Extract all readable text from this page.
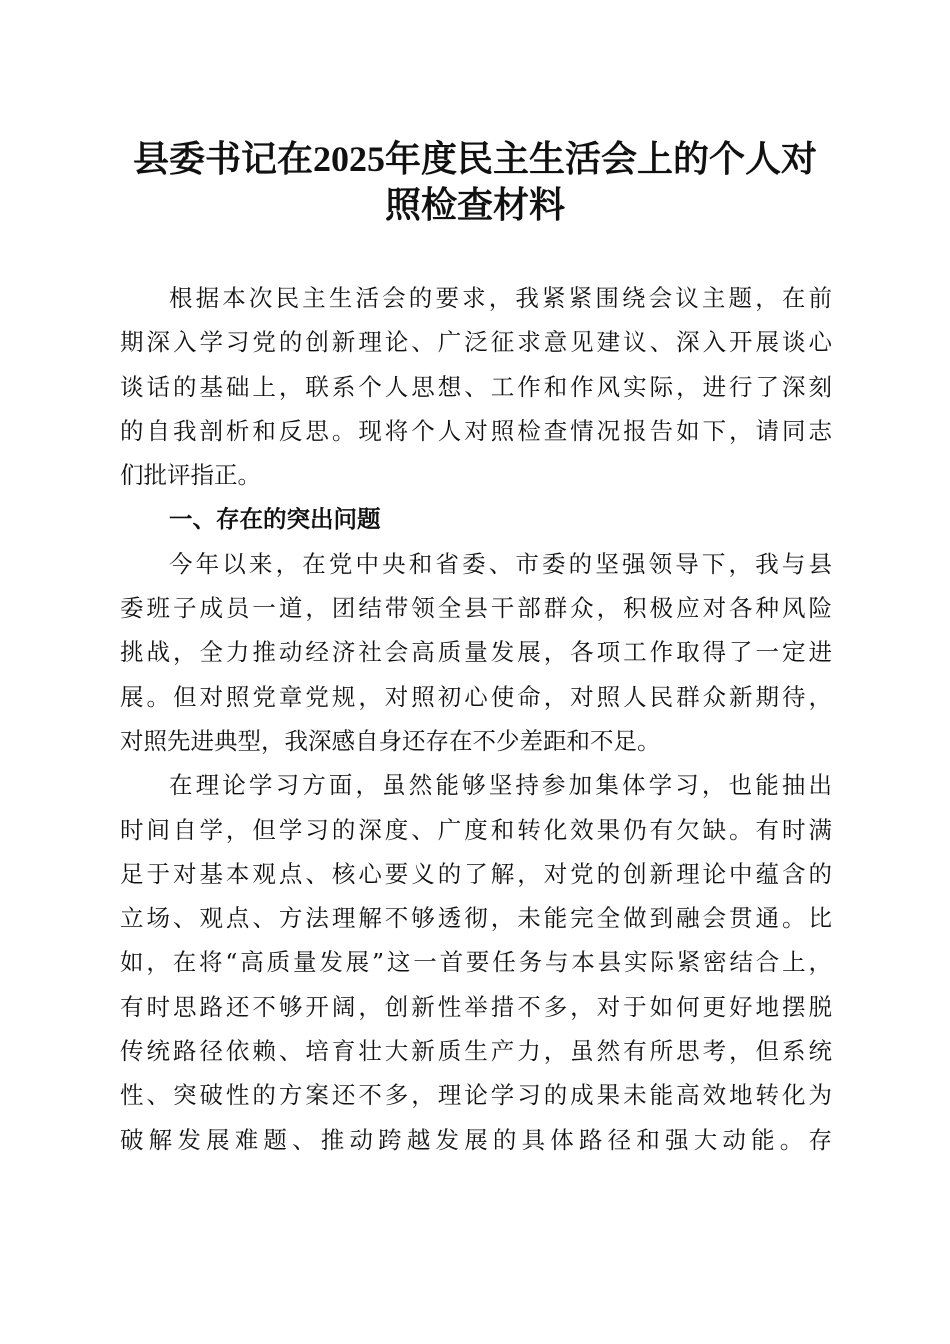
县委书记在2025年度民主生活会上的个人对
照检查材料
根据本次民主生活会的要求，我紧紧围绕会议主题，在前
期深入学习党的创新理论、广泛征求意见建议、深入开展谈心
谈话的基础上，联系个人思想、工作和作风实际，进行了深刻
的自我剖析和反思。现将个人对照检查情况报告如下，请同志
们批评指正。
一、存在的突出问题
今年以来，在党中央和省委、市委的坚强领导下，我与县
委班子成员一道，团结带领全县干部群众，积极应对各种风险
挑战，全力推动经济社会高质量发展，各项工作取得了一定进
展。但对照党章党规，对照初心使命，对照人民群众新期待，
对照先进典型，我深感自身还存在不少差距和不足。
在理论学习方面，虽然能够坚持参加集体学习，也能抽出
时间自学，但学习的深度、广度和转化效果仍有欠缺。有时满
足于对基本观点、核心要义的了解，对党的创新理论中蕴含的
立场、观点、方法理解不够透彻，未能完全做到融会贯通。比
如，在将“高质量发展”这一首要任务与本县实际紧密结合上，
有时思路还不够开阔，创新性举措不多，对于如何更好地摆脱
传统路径依赖、培育壮大新质生产力，虽然有所思考，但系统
性、突破性的方案还不多，理论学习的成果未能高效地转化为
破解发展难题、推动跨越发展的具体路径和强大动能。存
